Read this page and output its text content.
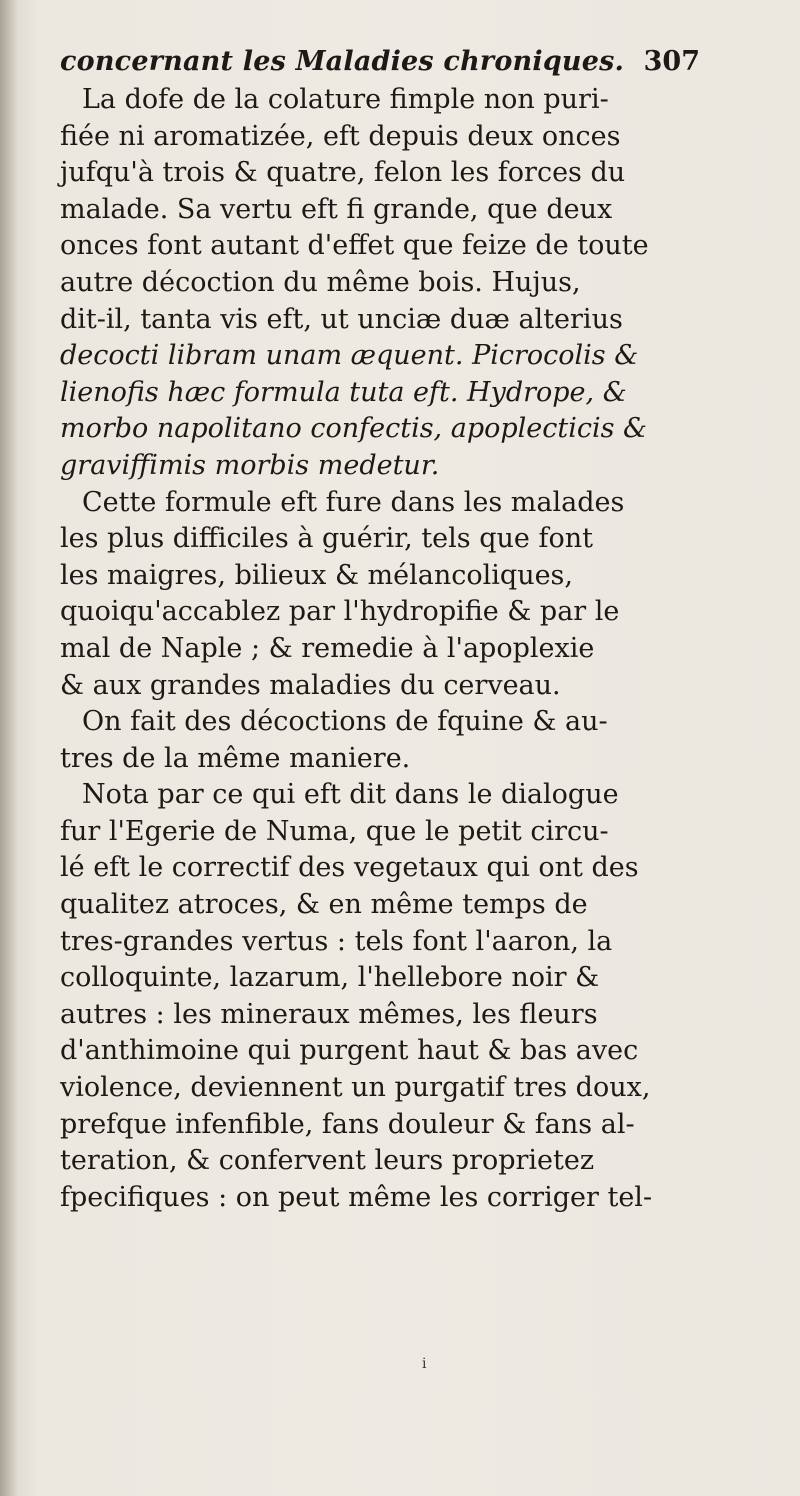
concernant les Maladies chroniques. 307
La dofe de la colature fimple non puri-
fiée ni aromatizée, eft depuis deux onces
jufqu'à trois & quatre, felon les forces du
malade. Sa vertu eft fi grande, que deux
onces font autant d'effet que feize de toute
autre décoction du même bois. Hujus,
dit-il, tanta vis eft, ut unciæ duæ alterius
decocti libram unam æquent. Picrocolis &
lienofis hæc formula tuta eft. Hydrope, &
morbo napolitano confectis, apoplecticis &
graviffimis morbis medetur.
Cette formule eft fure dans les malades
les plus difficiles à guérir, tels que font
les maigres, bilieux & mélancoliques,
quoiqu'accablez par l'hydropifie & par le
mal de Naple ; & remedie à l'apoplexie
& aux grandes maladies du cerveau.
On fait des décoctions de fquine & au-
tres de la même maniere.
Nota par ce qui eft dit dans le dialogue
fur l'Egerie de Numa, que le petit circu-
lé eft le correctif des vegetaux qui ont des
qualitez atroces, & en même temps de
tres-grandes vertus : tels font l'aaron, la
colloquinte, lazarum, l'hellebore noir &
autres : les mineraux mêmes, les fleurs
d'anthimoine qui purgent haut & bas avec
violence, deviennent un purgatif tres doux,
prefque infenfible, fans douleur & fans al-
teration, & confervent leurs proprietez
fpecifiques : on peut même les corriger tel-
i
